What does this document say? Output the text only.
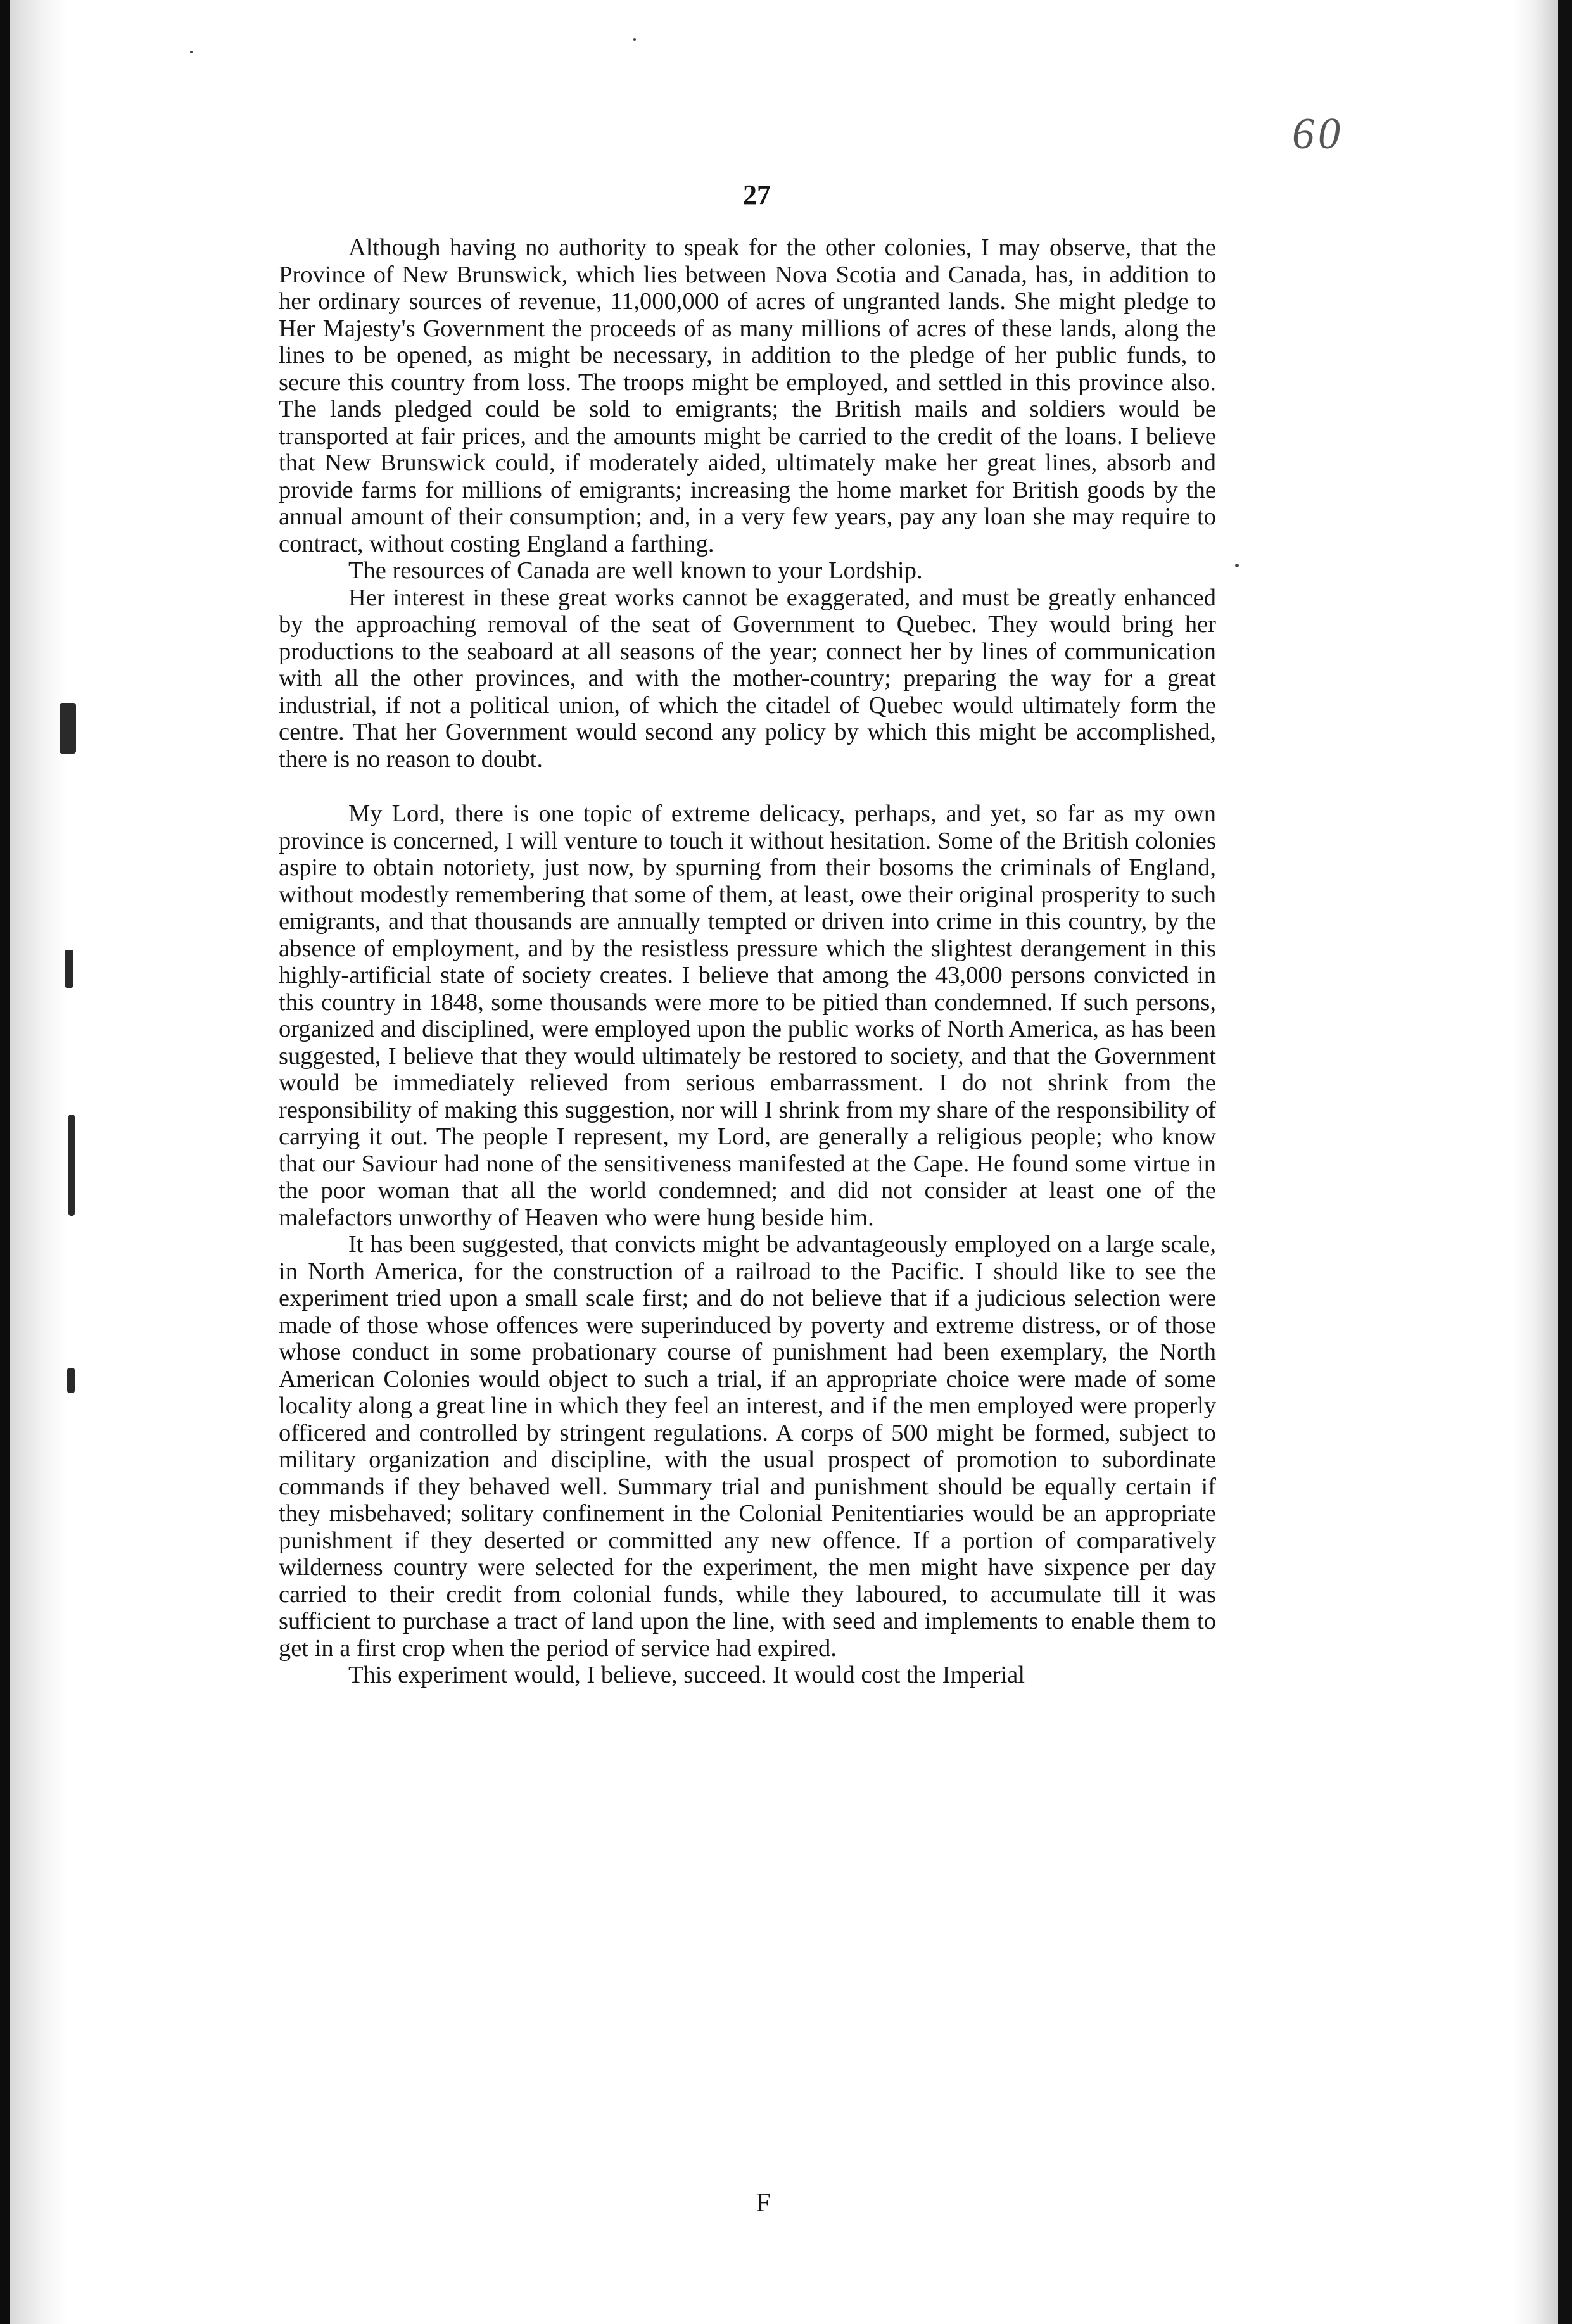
60
27

Although having no authority to speak for the other colonies, I may observe, that the Province of New Brunswick, which lies between Nova Scotia and Canada, has, in addition to her ordinary sources of revenue, 11,000,000 of acres of ungranted lands. She might pledge to Her Majesty's Government the proceeds of as many millions of acres of these lands, along the lines to be opened, as might be necessary, in addition to the pledge of her public funds, to secure this country from loss. The troops might be employed, and settled in this province also. The lands pledged could be sold to emigrants; the British mails and soldiers would be transported at fair prices, and the amounts might be carried to the credit of the loans. I believe that New Brunswick could, if moderately aided, ultimately make her great lines, absorb and provide farms for millions of emigrants; increasing the home market for British goods by the annual amount of their consumption; and, in a very few years, pay any loan she may require to contract, without costing England a farthing.

The resources of Canada are well known to your Lordship.

Her interest in these great works cannot be exaggerated, and must be greatly enhanced by the approaching removal of the seat of Government to Quebec. They would bring her productions to the seaboard at all seasons of the year; connect her by lines of communication with all the other provinces, and with the mother-country; preparing the way for a great industrial, if not a political union, of which the citadel of Quebec would ultimately form the centre. That her Government would second any policy by which this might be accomplished, there is no reason to doubt.

My Lord, there is one topic of extreme delicacy, perhaps, and yet, so far as my own province is concerned, I will venture to touch it without hesitation. Some of the British colonies aspire to obtain notoriety, just now, by spurning from their bosoms the criminals of England, without modestly remembering that some of them, at least, owe their original prosperity to such emigrants, and that thousands are annually tempted or driven into crime in this country, by the absence of employment, and by the resistless pressure which the slightest derangement in this highly-artificial state of society creates. I believe that among the 43,000 persons convicted in this country in 1848, some thousands were more to be pitied than condemned. If such persons, organized and disciplined, were employed upon the public works of North America, as has been suggested, I believe that they would ultimately be restored to society, and that the Government would be immediately relieved from serious embarrassment. I do not shrink from the responsibility of making this suggestion, nor will I shrink from my share of the responsibility of carrying it out. The people I represent, my Lord, are generally a religious people; who know that our Saviour had none of the sensitiveness manifested at the Cape. He found some virtue in the poor woman that all the world condemned; and did not consider at least one of the malefactors unworthy of Heaven who were hung beside him.

It has been suggested, that convicts might be advantageously employed on a large scale, in North America, for the construction of a railroad to the Pacific. I should like to see the experiment tried upon a small scale first; and do not believe that if a judicious selection were made of those whose offences were superinduced by poverty and extreme distress, or of those whose conduct in some probationary course of punishment had been exemplary, the North American Colonies would object to such a trial, if an appropriate choice were made of some locality along a great line in which they feel an interest, and if the men employed were properly officered and controlled by stringent regulations. A corps of 500 might be formed, subject to military organization and discipline, with the usual prospect of promotion to subordinate commands if they behaved well. Summary trial and punishment should be equally certain if they misbehaved; solitary confinement in the Colonial Penitentiaries would be an appropriate punishment if they deserted or committed any new offence. If a portion of comparatively wilderness country were selected for the experiment, the men might have sixpence per day carried to their credit from colonial funds, while they laboured, to accumulate till it was sufficient to purchase a tract of land upon the line, with seed and implements to enable them to get in a first crop when the period of service had expired.

This experiment would, I believe, succeed. It would cost the Imperial

F
